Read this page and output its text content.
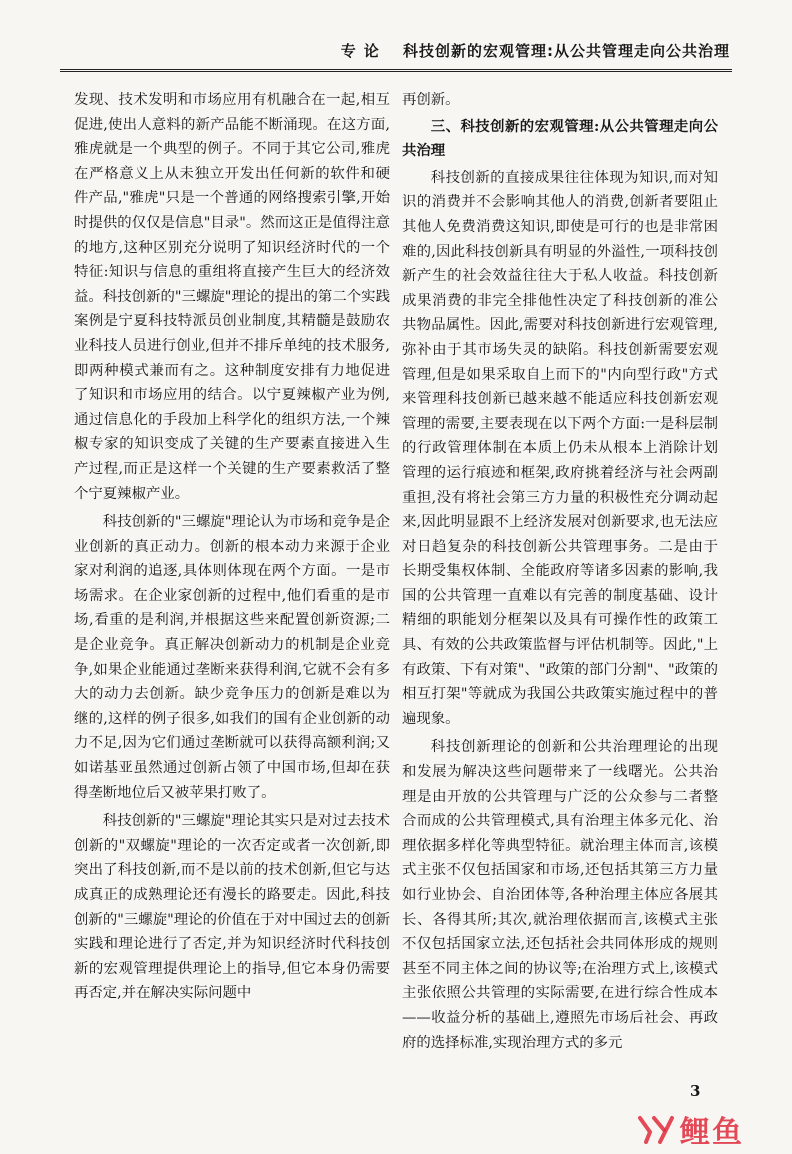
专论 科技创新的宏观管理:从公共管理走向公共治理

发现、技术发明和市场应用有机融合在一起,相互促进,使出人意料的新产品能不断涌现。在这方面,雅虎就是一个典型的例子。不同于其它公司,雅虎在严格意义上从未独立开发出任何新的软件和硬件产品,"雅虎"只是一个普通的网络搜索引擎,开始时提供的仅仅是信息"目录"。然而这正是值得注意的地方,这种区别充分说明了知识经济时代的一个特征:知识与信息的重组将直接产生巨大的经济效益。科技创新的"三螺旋"理论的提出的第二个实践案例是宁夏科技特派员创业制度,其精髓是鼓励农业科技人员进行创业,但并不排斥单纯的技术服务,即两种模式兼而有之。这种制度安排有力地促进了知识和市场应用的结合。以宁夏辣椒产业为例,通过信息化的手段加上科学化的组织方法,一个辣椒专家的知识变成了关键的生产要素直接进入生产过程,而正是这样一个关键的生产要素救活了整个宁夏辣椒产业。

科技创新的"三螺旋"理论认为市场和竞争是企业创新的真正动力。创新的根本动力来源于企业家对利润的追逐,具体则体现在两个方面。一是市场需求。在企业家创新的过程中,他们看重的是市场,看重的是利润,并根据这些来配置创新资源;二是企业竞争。真正解决创新动力的机制是企业竞争,如果企业能通过垄断来获得利润,它就不会有多大的动力去创新。缺少竞争压力的创新是难以为继的,这样的例子很多,如我们的国有企业创新的动力不足,因为它们通过垄断就可以获得高额利润;又如诺基亚虽然通过创新占领了中国市场,但却在获得垄断地位后又被苹果打败了。

科技创新的"三螺旋"理论其实只是对过去技术创新的"双螺旋"理论的一次否定或者一次创新,即突出了科技创新,而不是以前的技术创新,但它与达成真正的成熟理论还有漫长的路要走。因此,科技创新的"三螺旋"理论的价值在于对中国过去的创新实践和理论进行了否定,并为知识经济时代科技创新的宏观管理提供理论上的指导,但它本身仍需要再否定,并在解决实际问题中

再创新。

三、科技创新的宏观管理:从公共管理走向公共治理

科技创新的直接成果往往体现为知识,而对知识的消费并不会影响其他人的消费,创新者要阻止其他人免费消费这知识,即使是可行的也是非常困难的,因此科技创新具有明显的外溢性,一项科技创新产生的社会效益往往大于私人收益。科技创新成果消费的非完全排他性决定了科技创新的准公共物品属性。因此,需要对科技创新进行宏观管理,弥补由于其市场失灵的缺陷。科技创新需要宏观管理,但是如果采取自上而下的"内向型行政"方式来管理科技创新已越来越不能适应科技创新宏观管理的需要,主要表现在以下两个方面:一是科层制的行政管理体制在本质上仍未从根本上消除计划管理的运行痕迹和框架,政府挑着经济与社会两副重担,没有将社会第三方力量的积极性充分调动起来,因此明显跟不上经济发展对创新要求,也无法应对日趋复杂的科技创新公共管理事务。二是由于长期受集权体制、全能政府等诸多因素的影响,我国的公共管理一直难以有完善的制度基础、设计精细的职能划分框架以及具有可操作性的政策工具、有效的公共政策监督与评估机制等。因此,"上有政策、下有对策"、"政策的部门分割"、"政策的相互打架"等就成为我国公共政策实施过程中的普遍现象。

科技创新理论的创新和公共治理理论的出现和发展为解决这些问题带来了一线曙光。公共治理是由开放的公共管理与广泛的公众参与二者整合而成的公共管理模式,具有治理主体多元化、治理依据多样化等典型特征。就治理主体而言,该模式主张不仅包括国家和市场,还包括其第三方力量如行业协会、自治团体等,各种治理主体应各展其长、各得其所;其次,就治理依据而言,该模式主张不仅包括国家立法,还包括社会共同体形成的规则甚至不同主体之间的协议等;在治理方式上,该模式主张依照公共管理的实际需要,在进行综合性成本——收益分析的基础上,遵照先市场后社会、再政府的选择标准,实现治理方式的多元

3
鲤鱼
